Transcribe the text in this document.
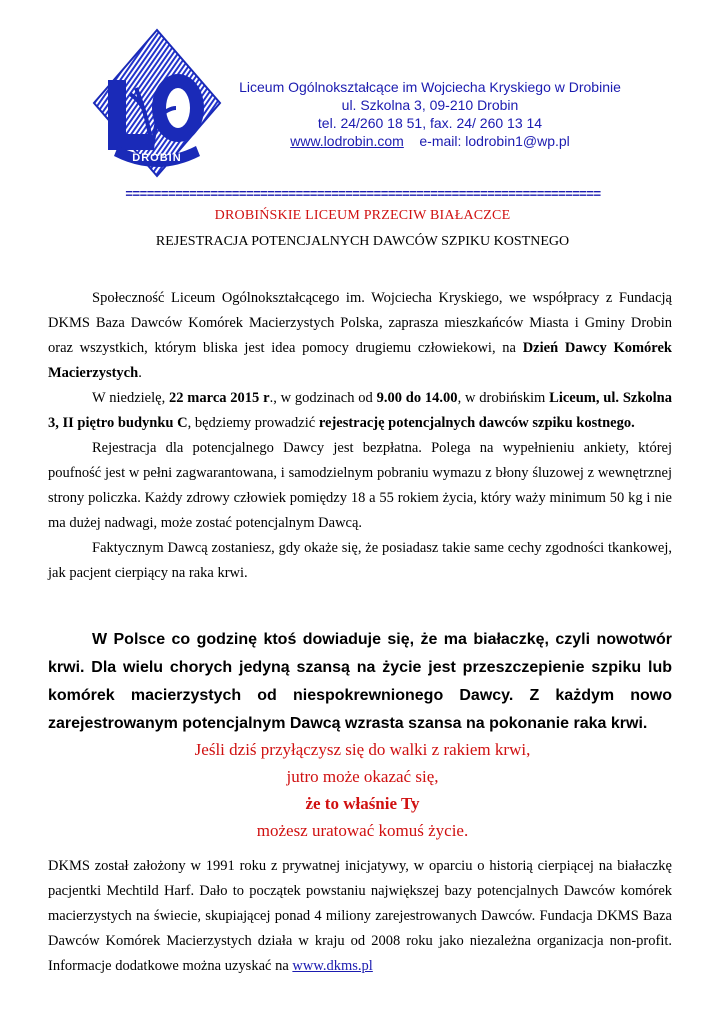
DROBIN
Liceum Ogólnokształcące im Wojciecha Kryskiego w Drobinie
ul. Szkolna 3, 09-210 Drobin
tel. 24/260 18 51, fax. 24/ 260 13 14
www.lodrobin.com e-mail: lodrobin1@wp.pl
===================================================================
DROBIŃSKIE LICEUM PRZECIW BIAŁACZCE
REJESTRACJA POTENCJALNYCH DAWCÓW SZPIKU KOSTNEGO

Społeczność Liceum Ogólnokształcącego im. Wojciecha Kryskiego, we współpracy z Fundacją DKMS Baza Dawców Komórek Macierzystych Polska, zaprasza mieszkańców Miasta i Gminy Drobin oraz wszystkich, którym bliska jest idea pomocy drugiemu człowiekowi, na Dzień Dawcy Komórek Macierzystych.

W niedzielę, 22 marca 2015 r., w godzinach od 9.00 do 14.00, w drobińskim Liceum, ul. Szkolna 3, II piętro budynku C, będziemy prowadzić rejestrację potencjalnych dawców szpiku kostnego.

Rejestracja dla potencjalnego Dawcy jest bezpłatna. Polega na wypełnieniu ankiety, której poufność jest w pełni zagwarantowana, i samodzielnym pobraniu wymazu z błony śluzowej z wewnętrznej strony policzka. Każdy zdrowy człowiek pomiędzy 18 a 55 rokiem życia, który waży minimum 50 kg i nie ma dużej nadwagi, może zostać potencjalnym Dawcą.

Faktycznym Dawcą zostaniesz, gdy okaże się, że posiadasz takie same cechy zgodności tkankowej, jak pacjent cierpiący na raka krwi.

W Polsce co godzinę ktoś dowiaduje się, że ma białaczkę, czyli nowotwór krwi. Dla wielu chorych jedyną szansą na życie jest przeszczepienie szpiku lub komórek macierzystych od niespokrewnionego Dawcy. Z każdym nowo zarejestrowanym potencjalnym Dawcą wzrasta szansa na pokonanie raka krwi.

Jeśli dziś przyłączysz się do walki z rakiem krwi,
jutro może okazać się,
że to właśnie Ty
możesz uratować komuś życie.

DKMS został założony w 1991 roku z prywatnej inicjatywy, w oparciu o historią cierpiącej na białaczkę pacjentki Mechtild Harf. Dało to początek powstaniu największej bazy potencjalnych Dawców komórek macierzystych na świecie, skupiającej ponad 4 miliony zarejestrowanych Dawców. Fundacja DKMS Baza Dawców Komórek Macierzystych działa w kraju od 2008 roku jako niezależna organizacja non-profit. Informacje dodatkowe można uzyskać na www.dkms.pl
